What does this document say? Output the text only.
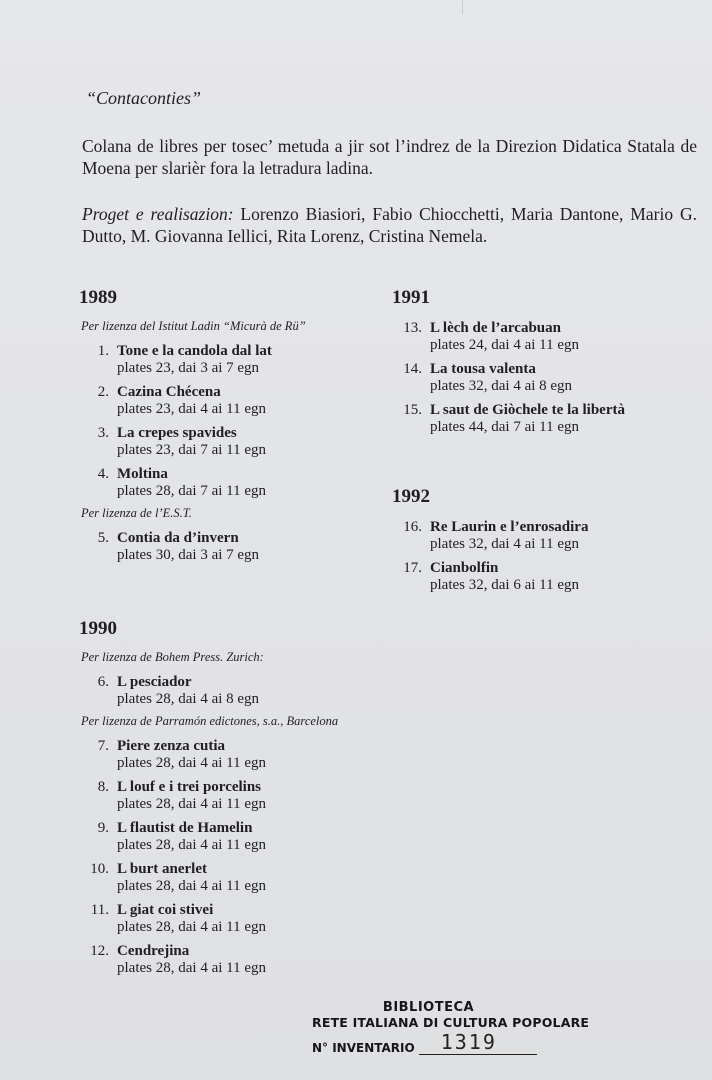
“Contaconties”
Colana de libres per tosec’ metuda a jir sot l’indrez de la Direzion Didatica Statala de Moena per slarièr fora la letradura ladina.
Proget e realisazion: Lorenzo Biasiori, Fabio Chiocchetti, Maria Dantone, Mario G. Dutto, M. Giovanna Iellici, Rita Lorenz, Cristina Nemela.
1989
Per lizenza del Istitut Ladin “Micurà de Rü”
1. Tone e la candola dal lat
plates 23, dai 3 ai 7 egn
2. Cazina Chécena
plates 23, dai 4 ai 11 egn
3. La crepes spavides
plates 23, dai 7 ai 11 egn
4. Moltina
plates 28, dai 7 ai 11 egn
Per lizenza de l’E.S.T.
5. Contia da d’invern
plates 30, dai 3 ai 7 egn
1990
Per lizenza de Bohem Press. Zurich:
6. L pesciador
plates 28, dai 4 ai 8 egn
Per lizenza de Parramón edictones, s.a., Barcelona
7. Piere zenza cutia
plates 28, dai 4 ai 11 egn
8. L louf e i trei porcelins
plates 28, dai 4 ai 11 egn
9. L flautist de Hamelin
plates 28, dai 4 ai 11 egn
10. L burt anerlet
plates 28, dai 4 ai 11 egn
11. L giat coi stivei
plates 28, dai 4 ai 11 egn
12. Cendrejina
plates 28, dai 4 ai 11 egn
1991
13. L lèch de l’arcabuan
plates 24, dai 4 ai 11 egn
14. La tousa valenta
plates 32, dai 4 ai 8 egn
15. L saut de Giòchele te la libertà
plates 44, dai 7 ai 11 egn
1992
16. Re Laurin e l’enrosadira
plates 32, dai 4 ai 11 egn
17. Cianbolfin
plates 32, dai 6 ai 11 egn
BIBLIOTECA
RETE ITALIANA DI CULTURA POPOLARE
N° INVENTARIO 1319
